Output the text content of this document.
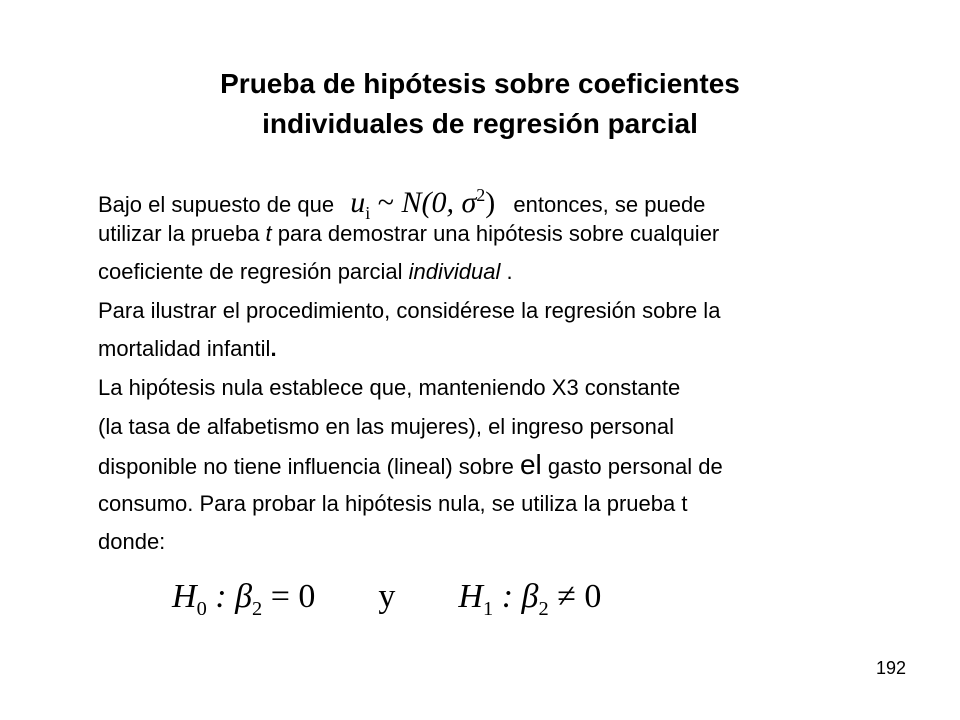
Prueba de hipótesis sobre coeficientes
individuales de regresión parcial
Bajo el supuesto de que $u_i$ ~ N(0, $\sigma^2$) entonces, se puede
utilizar la prueba t para demostrar una hipótesis sobre cualquier
coeficiente de regresión parcial individual .
Para ilustrar el procedimiento, considérese la regresión sobre la
mortalidad infantil.
La hipótesis nula establece que, manteniendo X3 constante
(la tasa de alfabetismo en las mujeres), el ingreso personal
disponible no tiene influencia (lineal) sobre el gasto personal de
consumo. Para probar la hipótesis nula, se utiliza la prueba t
donde:
$H_0$ : $\beta_2 = 0$ y $H_1$ : $\beta_2 \ne 0$
192
